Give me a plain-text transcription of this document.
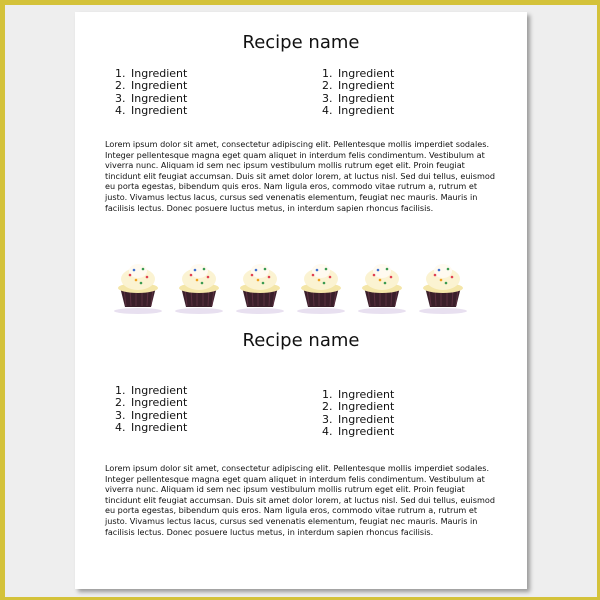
Recipe name
1. Ingredient
2. Ingredient
3. Ingredient
4. Ingredient
1. Ingredient
2. Ingredient
3. Ingredient
4. Ingredient

Lorem ipsum dolor sit amet, consectetur adipiscing elit. Pellentesque mollis imperdiet sodales. Integer pellentesque magna eget quam aliquet in interdum felis condimentum. Vestibulum at viverra nunc. Aliquam id sem nec ipsum vestibulum mollis rutrum eget elit. Proin feugiat tincidunt elit feugiat accumsan. Duis sit amet dolor lorem, at luctus nisl. Sed dui tellus, euismod eu porta egestas, bibendum quis eros. Nam ligula eros, commodo vitae rutrum a, rutrum et justo. Vivamus lectus lacus, cursus sed venenatis elementum, feugiat nec mauris. Mauris in facilisis lectus. Donec posuere luctus metus, in interdum sapien rhoncus facilisis.

Recipe name
1. Ingredient
2. Ingredient
3. Ingredient
4. Ingredient
1. Ingredient
2. Ingredient
3. Ingredient
4. Ingredient

Lorem ipsum dolor sit amet, consectetur adipiscing elit. Pellentesque mollis imperdiet sodales. Integer pellentesque magna eget quam aliquet in interdum felis condimentum. Vestibulum at viverra nunc. Aliquam id sem nec ipsum vestibulum mollis rutrum eget elit. Proin feugiat tincidunt elit feugiat accumsan. Duis sit amet dolor lorem, at luctus nisl. Sed dui tellus, euismod eu porta egestas, bibendum quis eros. Nam ligula eros, commodo vitae rutrum a, rutrum et justo. Vivamus lectus lacus, cursus sed venenatis elementum, feugiat nec mauris. Mauris in facilisis lectus. Donec posuere luctus metus, in interdum sapien rhoncus facilisis.
